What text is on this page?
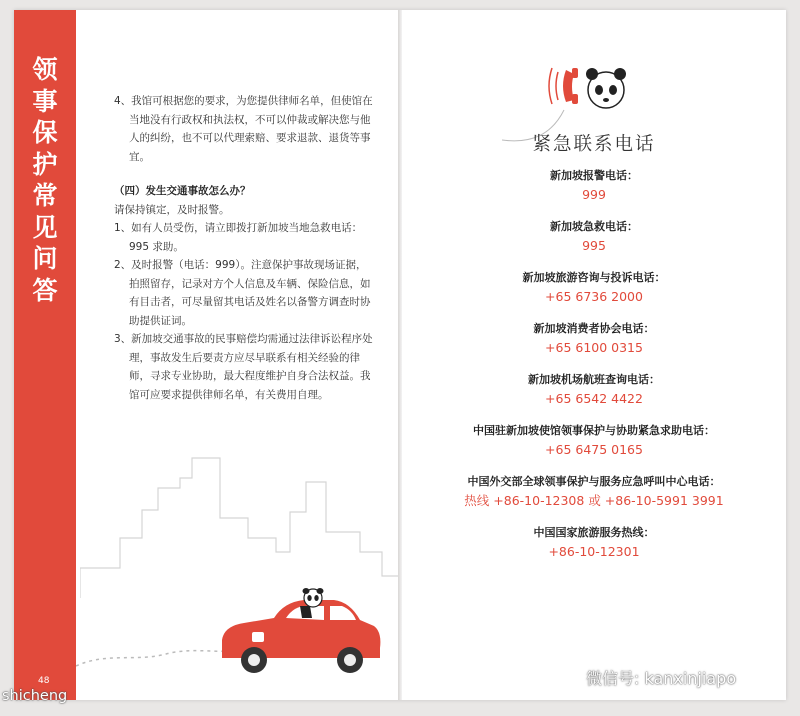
领事保护常见问答

4、我馆可根据您的要求，为您提供律师名单，但使馆在当地没有行政权和执法权，不可以仲裁或解决您与他人的纠纷，也不可以代理索赔、要求退款、退货等事宜。

（四）发生交通事故怎么办？

请保持镇定，及时报警。

1、如有人员受伤，请立即拨打新加坡当地急救电话：995 求助。

2、及时报警（电话：999）。注意保护事故现场证据，拍照留存，记录对方个人信息及车辆、保险信息，如有目击者，可尽量留其电话及姓名以备警方调查时协助提供证词。

3、新加坡交通事故的民事赔偿均需通过法律诉讼程序处理，事故发生后要责方应尽早联系有相关经验的律师，寻求专业协助，最大程度维护自身合法权益。我馆可应要求提供律师名单，有关费用自理。

48
紧急联系电话
新加坡报警电话：
999
新加坡急救电话：
995
新加坡旅游咨询与投诉电话：
+65 6736 2000
新加坡消费者协会电话：
+65 6100 0315
新加坡机场航班查询电话：
+65 6542 4422
中国驻新加坡使馆领事保护与协助紧急求助电话：
+65 6475 0165
中国外交部全球领事保护与服务应急呼叫中心电话：
热线 +86-10-12308 或 +86-10-5991 3991
中国国家旅游服务热线：
+86-10-12301
微信号: kanxinjiapo
shicheng
